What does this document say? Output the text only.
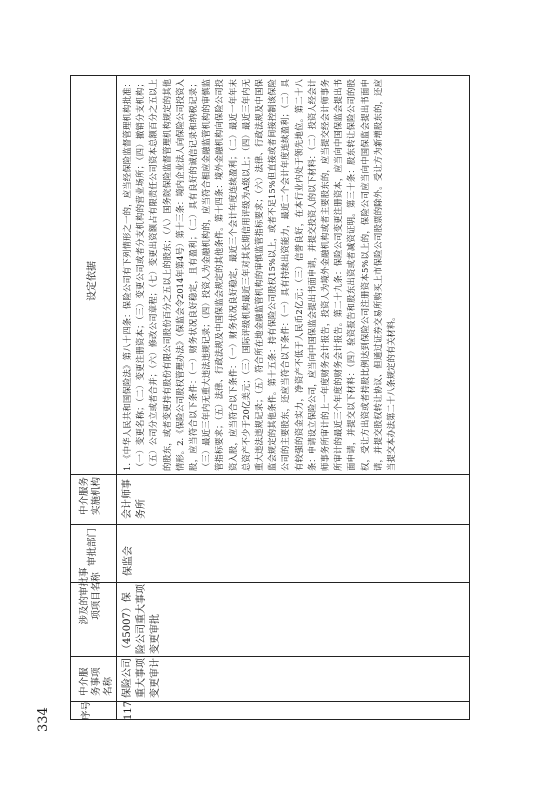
序号
中介服务事项名称
涉及的审批事项项目名称
审批部门
中介服务实施机构
设定依据
117
保险公司重大事项变更审计
（45007）保险公司重大事项变更审批
保监会
会计师事务所
1.《中华人民共和国保险法》第八十四条：保险公司有下列情形之一的，应当经保险监督管理机构批准：（一）变更名称；（二）变更注册资本；（三）变更公司或者分支机构的营业场所；（四）撤销分支机构；（五）公司分立或者合并；（六）修改公司章程；（七）变更出资额占有限责任公司资本总额百分之五以上的股东，或者变更持有股份有限公司股份百分之五以上的股东；（八）国务院保险监督管理机构规定的其他情形。2.《保险公司股权管理办法》（保监会令2014年第4号）第十三条：境内企业法人向保险公司投资入股，应当符合以下条件：（一）财务状况良好稳定，且有盈利；（二）具有良好的诚信记录和纳税记录；（三）最近三年内无重大违法违规记录；（四）投资人为金融机构的，应当符合相应金融监管机构的审慎监管指标要求；（五）法律、行政法规及中国保监会规定的其他条件。第十四条：境外金融机构向保险公司投资入股，应当符合以下条件：（一）财务状况良好稳定，最近三个会计年度连续盈利；（二）最近一年年末总资产不少于20亿美元；（三）国际评级机构最近三年对其长期信用评级为A级以上；（四）最近三年内无重大违法违规记录；（五）符合所在地金融监管机构的审慎监管指标要求；（六）法律、行政法规及中国保监会规定的其他条件。第十五条：持有保险公司股权15%以上，或者不足15%但直接或者间接控制该保险公司的主要股东，还应当符合以下条件：（一）具有持续出资能力，最近二个会计年度连续盈利；（二）具有较强的资金实力，净资产不低于人民币2亿元；（三）信誉良好，在本行业内处于领先地位。第二十八条：申请设立保险公司，应当向中国保监会提出书面申请，并提交投资人的以下材料：（二）投资人经会计师事务所审计的上一年度财务会计报告，投资人为境外金融机构或者主要股东的，应当提交经会计师事务所审计的最近三个年度的财务会计报告。第二十九条：保险公司变更注册资本，应当向中国保监会提出书面申请，并提交以下材料：（四）验资报告和股东出资或者减资证明。第三十条：股东转让保险公司的股权，受让方出资或者持股比例达到保险公司注册资本5%以上的，保险公司应当向中国保监会提出书面申请，并提交股权转让协议、但通过证券交易所购买上市保险公司股票的除外。受让方为新增股东的，还应当提交本办法第二十八条规定的有关材料。
334
